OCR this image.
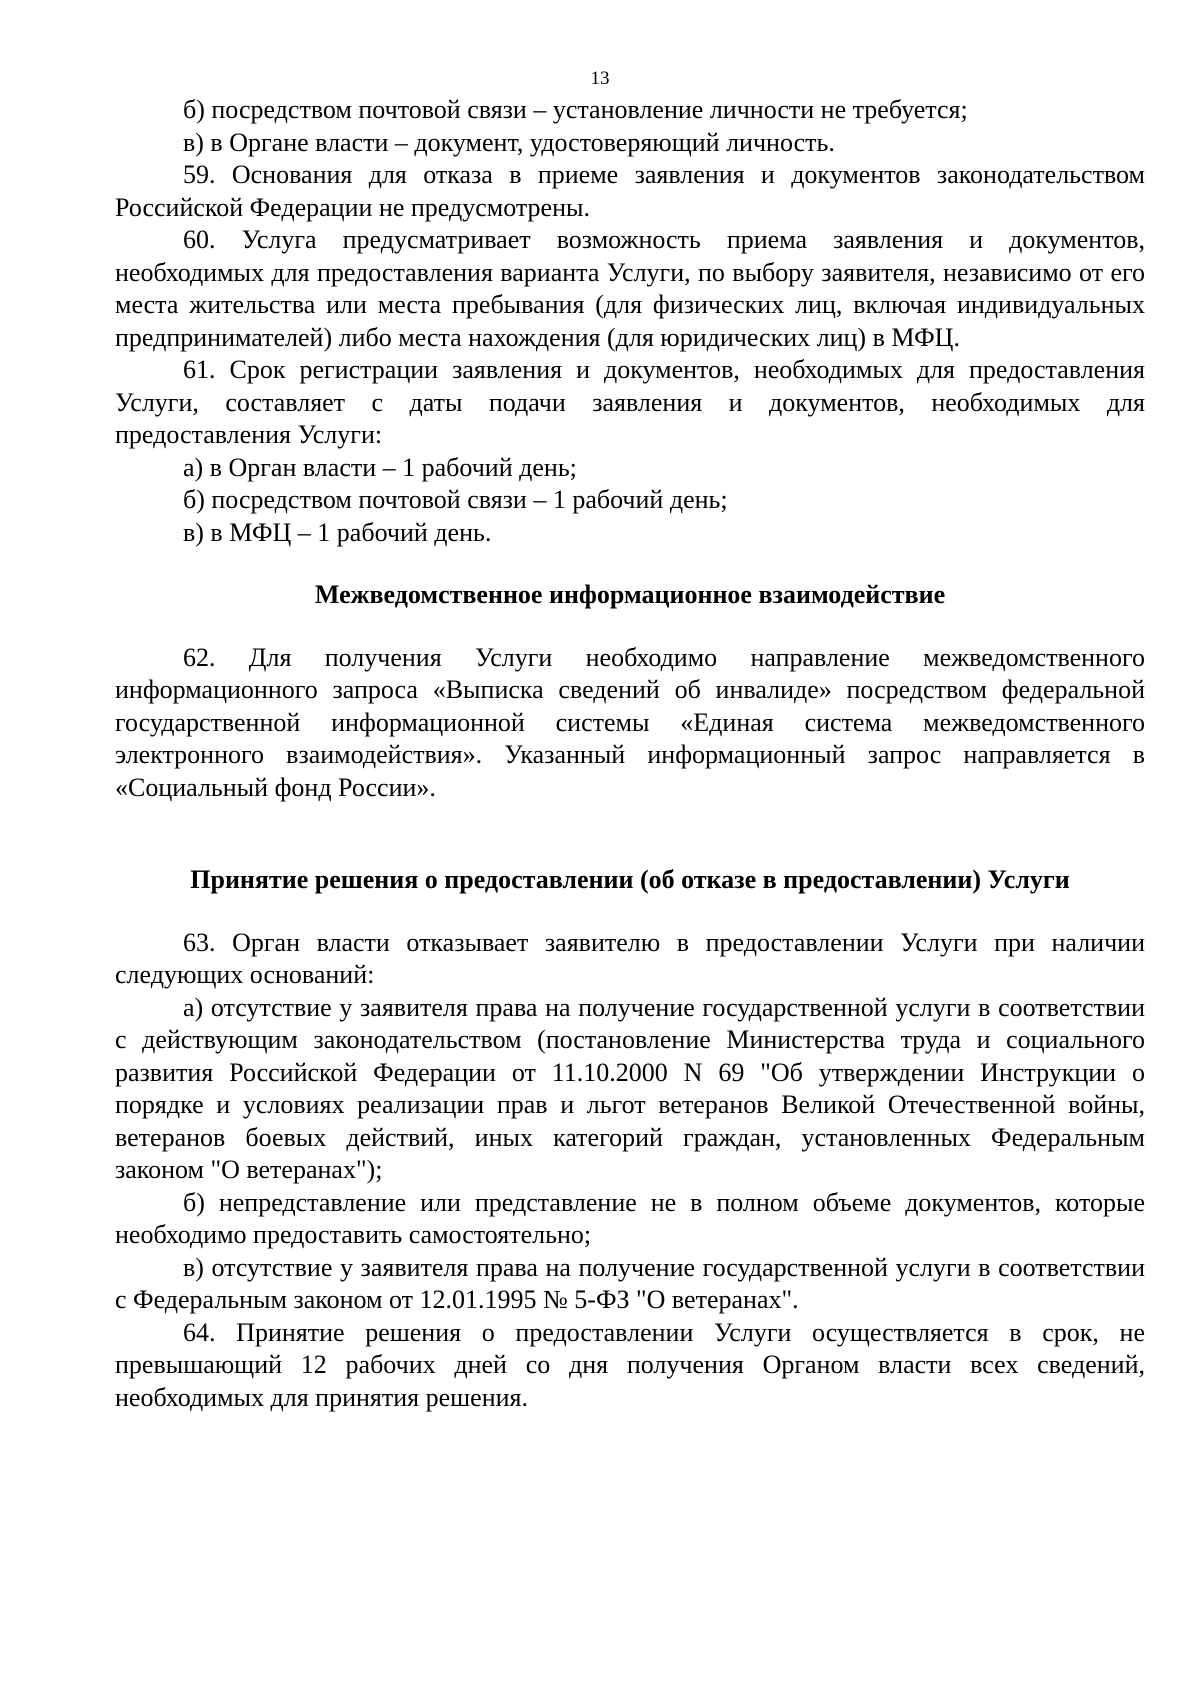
13

б) посредством почтовой связи – установление личности не требуется;

в) в Органе власти – документ, удостоверяющий личность.

59. Основания для отказа в приеме заявления и документов законодательством Российской Федерации не предусмотрены.

60. Услуга предусматривает возможность приема заявления и документов, необходимых для предоставления варианта Услуги, по выбору заявителя, независимо от его места жительства или места пребывания (для физических лиц, включая индивидуальных предпринимателей) либо места нахождения (для юридических лиц) в МФЦ.

61. Срок регистрации заявления и документов, необходимых для предоставления Услуги, составляет с даты подачи заявления и документов, необходимых для предоставления Услуги:

а) в Орган власти – 1 рабочий день;

б) посредством почтовой связи – 1 рабочий день;

в) в МФЦ – 1 рабочий день.

Межведомственное информационное взаимодействие

62. Для получения Услуги необходимо направление межведомственного информационного запроса «Выписка сведений об инвалиде» посредством федеральной государственной информационной системы «Единая система межведомственного электронного взаимодействия». Указанный информационный запрос направляется в «Социальный фонд России».

Принятие решения о предоставлении (об отказе в предоставлении) Услуги

63. Орган власти отказывает заявителю в предоставлении Услуги при наличии следующих оснований:

а) отсутствие у заявителя права на получение государственной услуги в соответствии с действующим законодательством (постановление Министерства труда и социального развития Российской Федерации от 11.10.2000 N 69 "Об утверждении Инструкции о порядке и условиях реализации прав и льгот ветеранов Великой Отечественной войны, ветеранов боевых действий, иных категорий граждан, установленных Федеральным законом "О ветеранах");

б) непредставление или представление не в полном объеме документов, которые необходимо предоставить самостоятельно;

в) отсутствие у заявителя права на получение государственной услуги в соответствии с Федеральным законом от 12.01.1995 № 5-ФЗ "О ветеранах".

64. Принятие решения о предоставлении Услуги осуществляется в срок, не превышающий 12 рабочих дней со дня получения Органом власти всех сведений, необходимых для принятия решения.
